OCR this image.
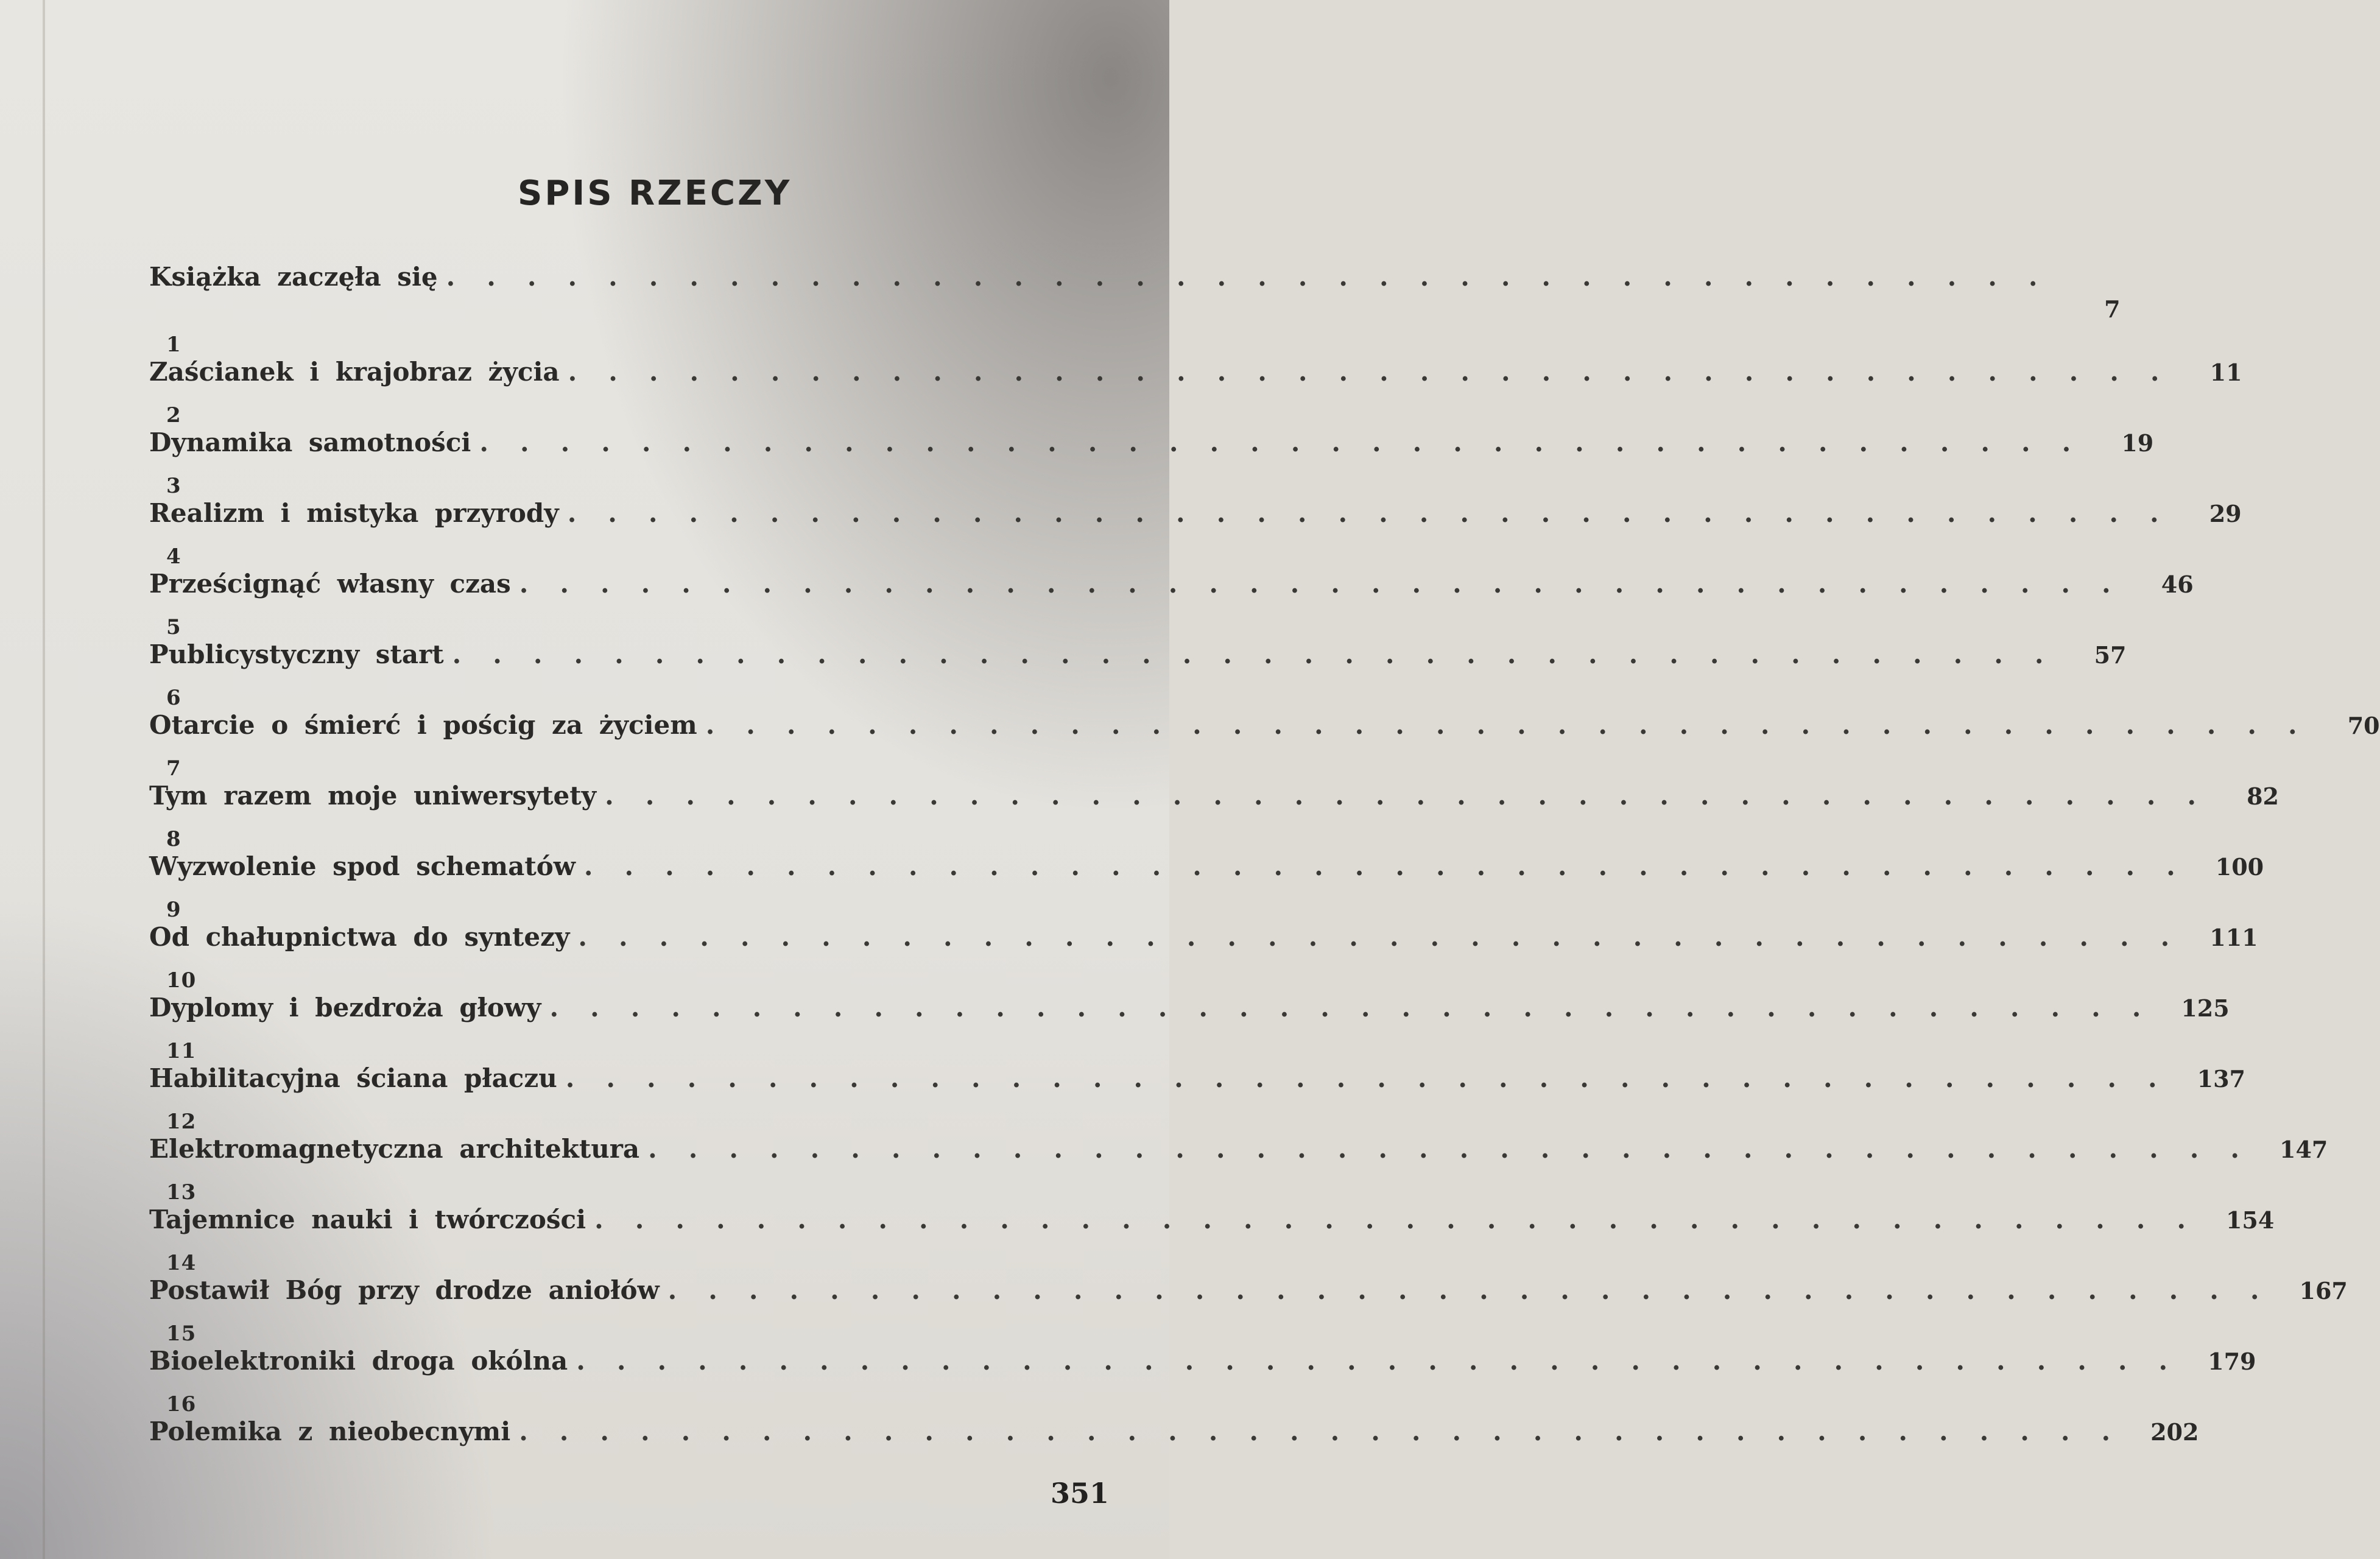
SPIS RZECZY
Książka zaczęła się ........................................
7
1
Zaścianek i krajobraz życia ........................................ 11
2
Dynamika samotności ........................................ 19
3
Realizm i mistyka przyrody ........................................ 29
4
Prześcignąć własny czas ........................................ 46
5
Publicystyczny start ........................................ 57
6
Otarcie o śmierć i pościg za życiem ........................................ 70
7
Tym razem moje uniwersytety ........................................ 82
8
Wyzwolenie spod schematów ........................................ 100
9
Od chałupnictwa do syntezy ........................................ 111
10
Dyplomy i bezdroża głowy ........................................ 125
11
Habilitacyjna ściana płaczu ........................................ 137
12
Elektromagnetyczna architektura ........................................ 147
13
Tajemnice nauki i twórczości ........................................ 154
14
Postawił Bóg przy drodze aniołów ........................................ 167
15
Bioelektroniki droga okólna ........................................ 179
16
Polemika z nieobecnymi ........................................ 202
351
